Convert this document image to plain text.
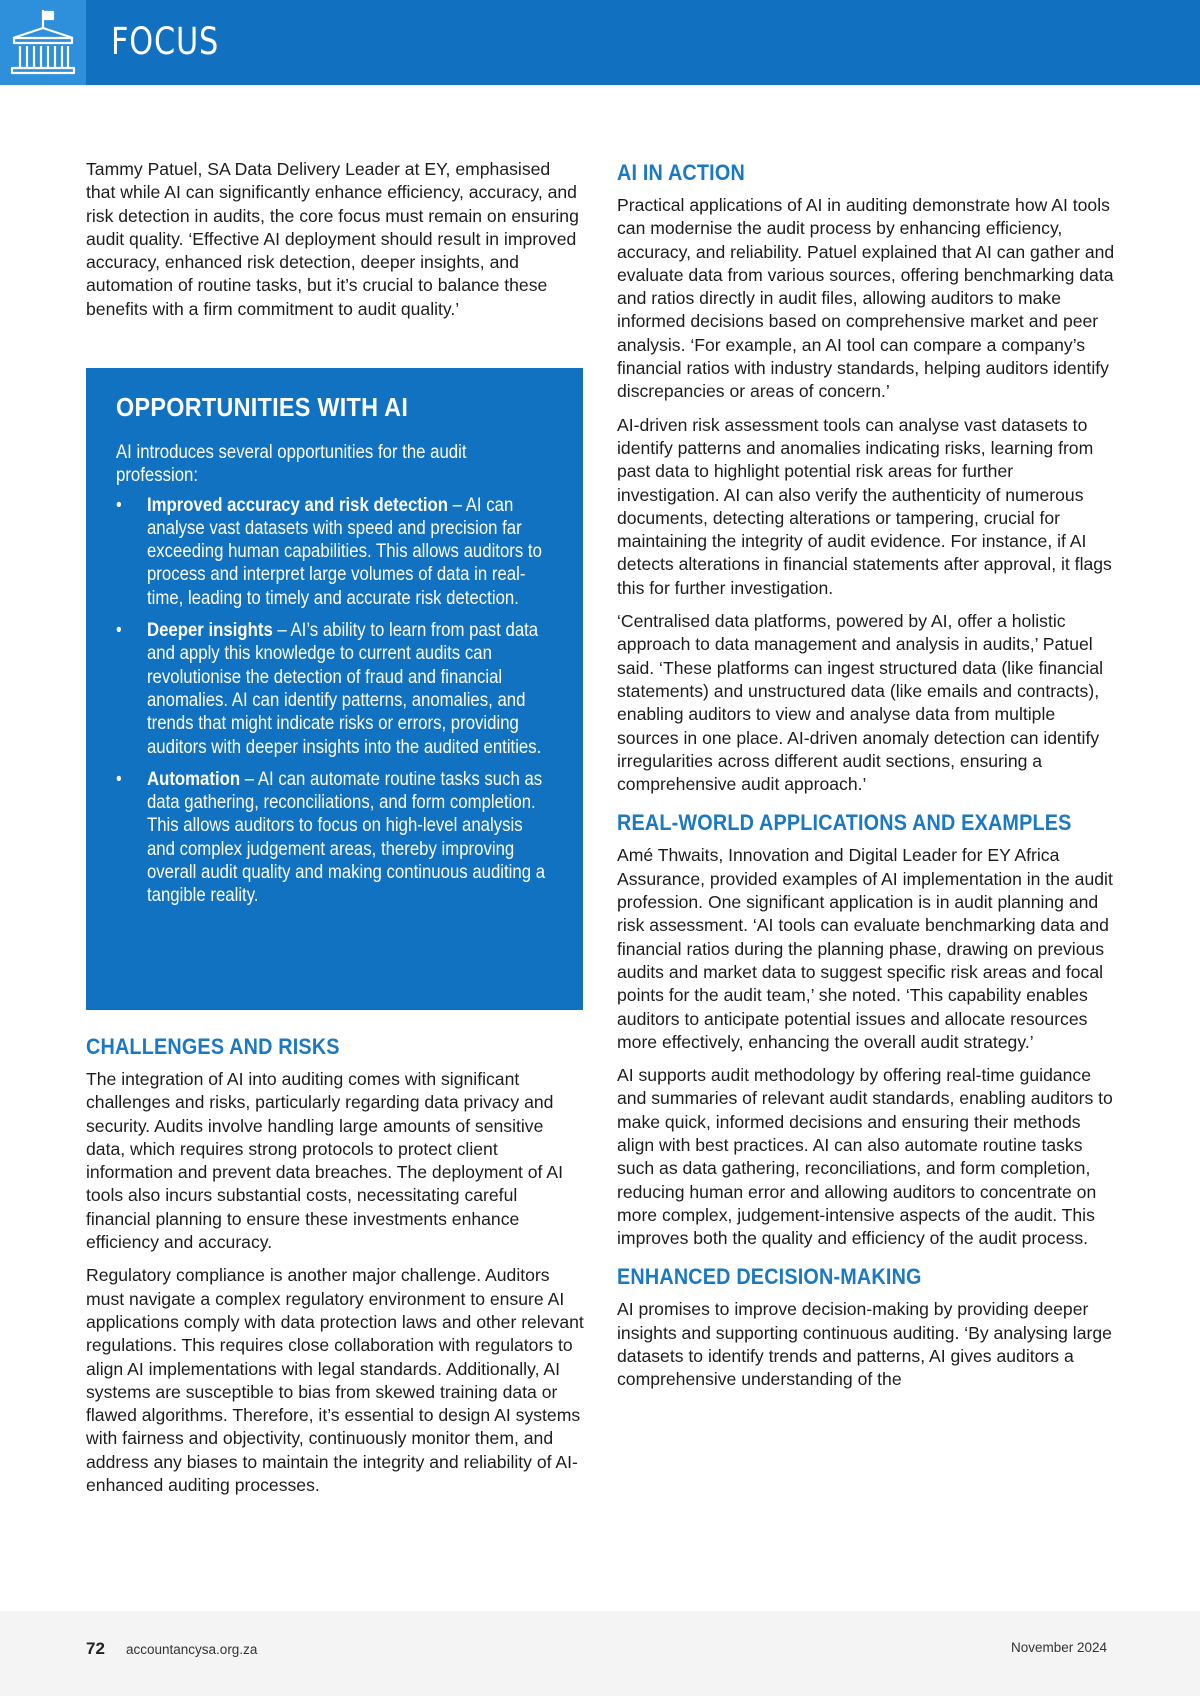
FOCUS

Tammy Patuel, SA Data Delivery Leader at EY, emphasised that while AI can significantly enhance efficiency, accuracy, and risk detection in audits, the core focus must remain on ensuring audit quality. ‘Effective AI deployment should result in improved accuracy, enhanced risk detection, deeper insights, and automation of routine tasks, but it’s crucial to balance these benefits with a firm commitment to audit quality.’

OPPORTUNITIES WITH AI

AI introduces several opportunities for the audit profession:

• Improved accuracy and risk detection – AI can analyse vast datasets with speed and precision far exceeding human capabilities. This allows auditors to process and interpret large volumes of data in real-time, leading to timely and accurate risk detection.
• Deeper insights – AI’s ability to learn from past data and apply this knowledge to current audits can revolutionise the detection of fraud and financial anomalies. AI can identify patterns, anomalies, and trends that might indicate risks or errors, providing auditors with deeper insights into the audited entities.
• Automation – AI can automate routine tasks such as data gathering, reconciliations, and form completion. This allows auditors to focus on high-level analysis and complex judgement areas, thereby improving overall audit quality and making continuous auditing a tangible reality.
CHALLENGES AND RISKS

The integration of AI into auditing comes with significant challenges and risks, particularly regarding data privacy and security. Audits involve handling large amounts of sensitive data, which requires strong protocols to protect client information and prevent data breaches. The deployment of AI tools also incurs substantial costs, necessitating careful financial planning to ensure these investments enhance efficiency and accuracy.

Regulatory compliance is another major challenge. Auditors must navigate a complex regulatory environment to ensure AI applications comply with data protection laws and other relevant regulations. This requires close collaboration with regulators to align AI implementations with legal standards. Additionally, AI systems are susceptible to bias from skewed training data or flawed algorithms. Therefore, it’s essential to design AI systems with fairness and objectivity, continuously monitor them, and address any biases to maintain the integrity and reliability of AI-enhanced auditing processes.

AI IN ACTION

Practical applications of AI in auditing demonstrate how AI tools can modernise the audit process by enhancing efficiency, accuracy, and reliability. Patuel explained that AI can gather and evaluate data from various sources, offering benchmarking data and ratios directly in audit files, allowing auditors to make informed decisions based on comprehensive market and peer analysis. ‘For example, an AI tool can compare a company’s financial ratios with industry standards, helping auditors identify discrepancies or areas of concern.’

AI-driven risk assessment tools can analyse vast datasets to identify patterns and anomalies indicating risks, learning from past data to highlight potential risk areas for further investigation. AI can also verify the authenticity of numerous documents, detecting alterations or tampering, crucial for maintaining the integrity of audit evidence. For instance, if AI detects alterations in financial statements after approval, it flags this for further investigation.

‘Centralised data platforms, powered by AI, offer a holistic approach to data management and analysis in audits,’ Patuel said. ‘These platforms can ingest structured data (like financial statements) and unstructured data (like emails and contracts), enabling auditors to view and analyse data from multiple sources in one place. AI-driven anomaly detection can identify irregularities across different audit sections, ensuring a comprehensive audit approach.’

REAL-WORLD APPLICATIONS AND EXAMPLES

Amé Thwaits, Innovation and Digital Leader for EY Africa Assurance, provided examples of AI implementation in the audit profession. One significant application is in audit planning and risk assessment. ‘AI tools can evaluate benchmarking data and financial ratios during the planning phase, drawing on previous audits and market data to suggest specific risk areas and focal points for the audit team,’ she noted. ‘This capability enables auditors to anticipate potential issues and allocate resources more effectively, enhancing the overall audit strategy.’

AI supports audit methodology by offering real-time guidance and summaries of relevant audit standards, enabling auditors to make quick, informed decisions and ensuring their methods align with best practices. AI can also automate routine tasks such as data gathering, reconciliations, and form completion, reducing human error and allowing auditors to concentrate on more complex, judgement-intensive aspects of the audit. This improves both the quality and efficiency of the audit process.

ENHANCED DECISION-MAKING

AI promises to improve decision-making by providing deeper insights and supporting continuous auditing. ‘By analysing large datasets to identify trends and patterns, AI gives auditors a comprehensive understanding of the

72 accountancysa.org.za	November 2024
